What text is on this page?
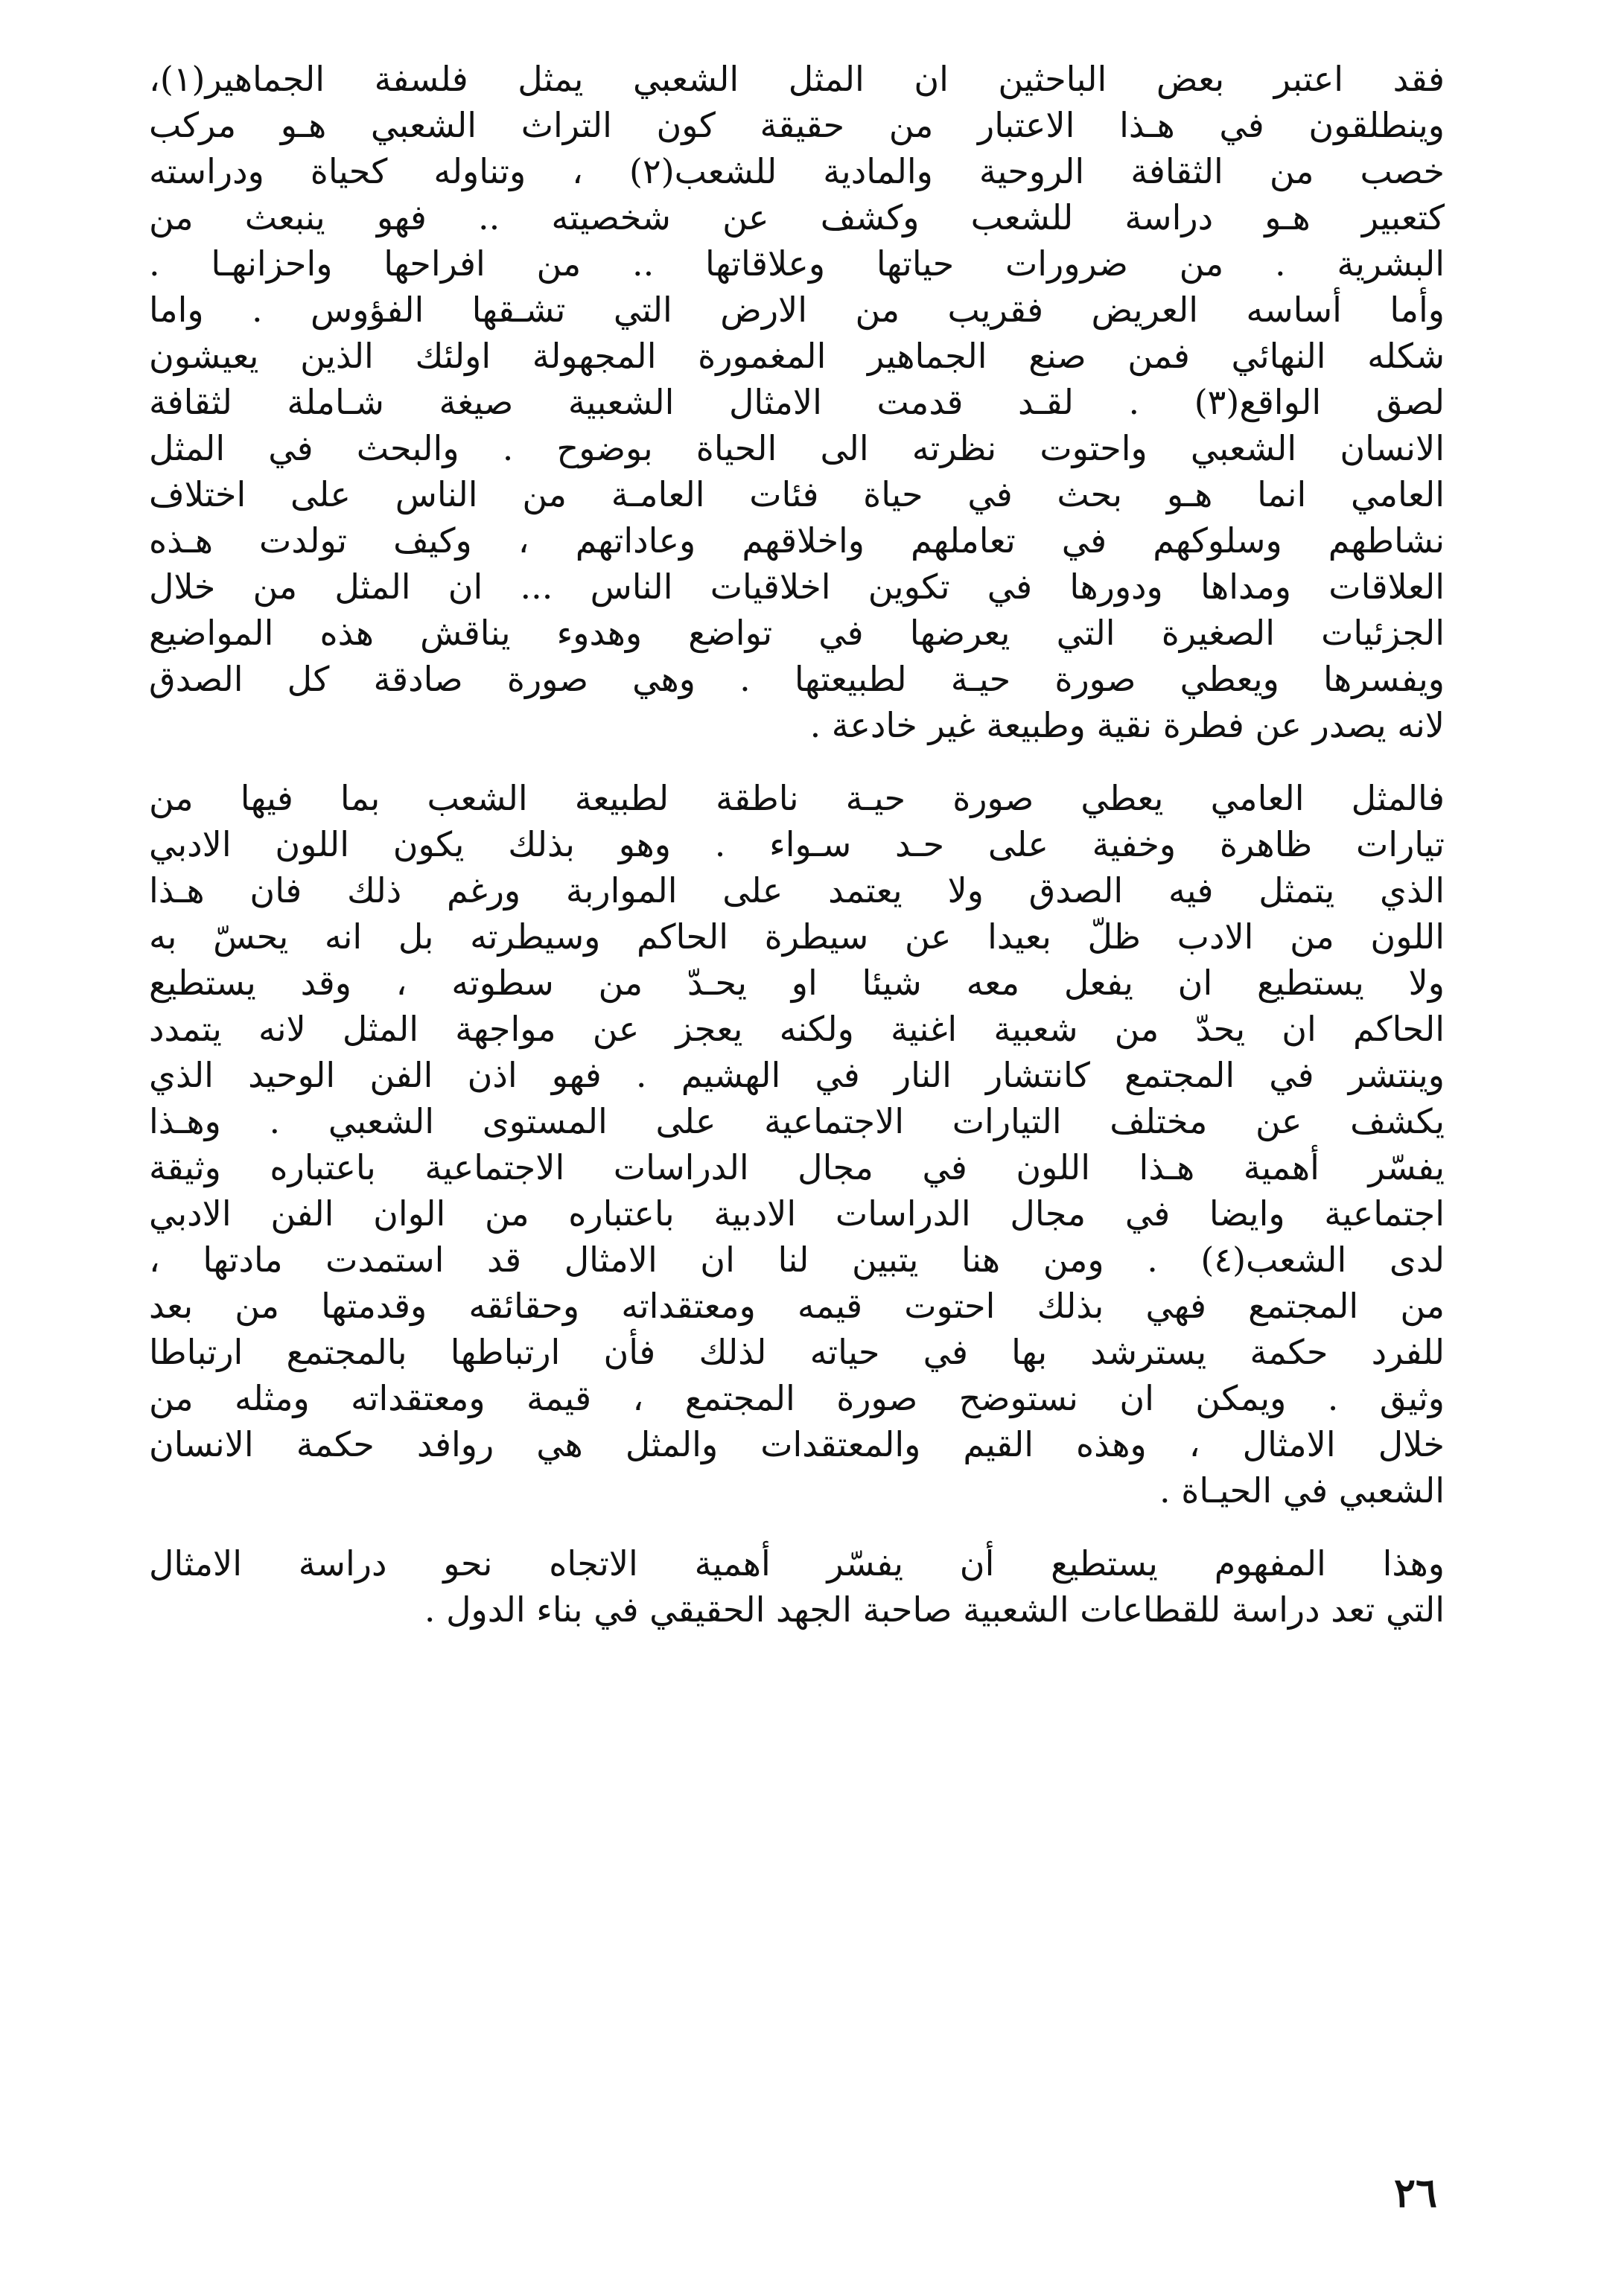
فقد اعتبر بعض الباحثين ان المثل الشعبي يمثل فلسفة الجماهير(١)،
وينطلقون في هـذا الاعتبار من حقيقة كون التراث الشعبي هـو مركب
خصب من الثقافة الروحية والمادية للشعب(٢) ، وتناوله كحياة ودراسته
كتعبير هـو دراسة للشعب وكشف عن شخصيته .. فهو ينبعث من
البشرية . من ضرورات حياتها وعلاقاتها .. من افراحها واحزانهـا .
وأما أساسه العريض فقريب من الارض التي تشـقها الفؤوس . واما
شكله النهائي فمن صنع الجماهير المغمورة المجهولة اولئك الذين يعيشون
لصق الواقع(٣) . لقـد قدمت الامثال الشعبية صيغة شـاملة لثقافة
الانسان الشعبي واحتوت نظرته الى الحياة بوضوح . والبحث في المثل
العامي انما هـو بحث في حياة فئات العامـة من الناس على اختلاف
نشاطهم وسلوكهم في تعاملهم واخلاقهم وعاداتهم ، وكيف تولدت هـذه
العلاقات ومداها ودورها في تكوين اخلاقيات الناس ... ان المثل من خلال
الجزئيات الصغيرة التي يعرضها في تواضع وهدوء يناقش هذه المواضيع
ويفسرها ويعطي صورة حيـة لطبيعتها . وهي صورة صادقة كل الصدق
لانه يصدر عن فطرة نقية وطبيعة غير خادعة .
فالمثل العامي يعطي صورة حيـة ناطقة لطبيعة الشعب بما فيها من
تيارات ظاهرة وخفية على حـد سـواء . وهو بذلك يكون اللون الادبي
الذي يتمثل فيه الصدق ولا يعتمد على المواربة ورغم ذلك فان هـذا
اللون من الادب ظلّ بعيدا عن سيطرة الحاكم وسيطرته بل انه يحسّ به
ولا يستطيع ان يفعل معه شيئا او يحـدّ من سطوته ، وقد يستطيع
الحاكم ان يحدّ من شعبية اغنية ولكنه يعجز عن مواجهة المثل لانه يتمدد
وينتشر في المجتمع كانتشار النار في الهشيم . فهو اذن الفن الوحيد الذي
يكشف عن مختلف التيارات الاجتماعية على المستوى الشعبي . وهـذا
يفسّر أهمية هـذا اللون في مجال الدراسات الاجتماعية باعتباره وثيقة
اجتماعية وايضا في مجال الدراسات الادبية باعتباره من الوان الفن الادبي
لدى الشعب(٤) . ومن هنا يتبين لنا ان الامثال قد استمدت مادتها ،
من المجتمع فهي بذلك احتوت قيمه ومعتقداته وحقائقه وقدمتها من بعد
للفرد حكمة يسترشد بها في حياته لذلك فأن ارتباطها بالمجتمع ارتباطا
وثيق . ويمكن ان نستوضح صورة المجتمع ، قيمة ومعتقداته ومثله من
خلال الامثال ، وهذه القيم والمعتقدات والمثل هي روافد حكمة الانسان
الشعبي في الحيـاة .
وهذا المفهوم يستطيع أن يفسّر أهمية الاتجاه نحو دراسة الامثال
التي تعد دراسة للقطاعات الشعبية صاحبة الجهد الحقيقي في بناء الدول .
٢٦
